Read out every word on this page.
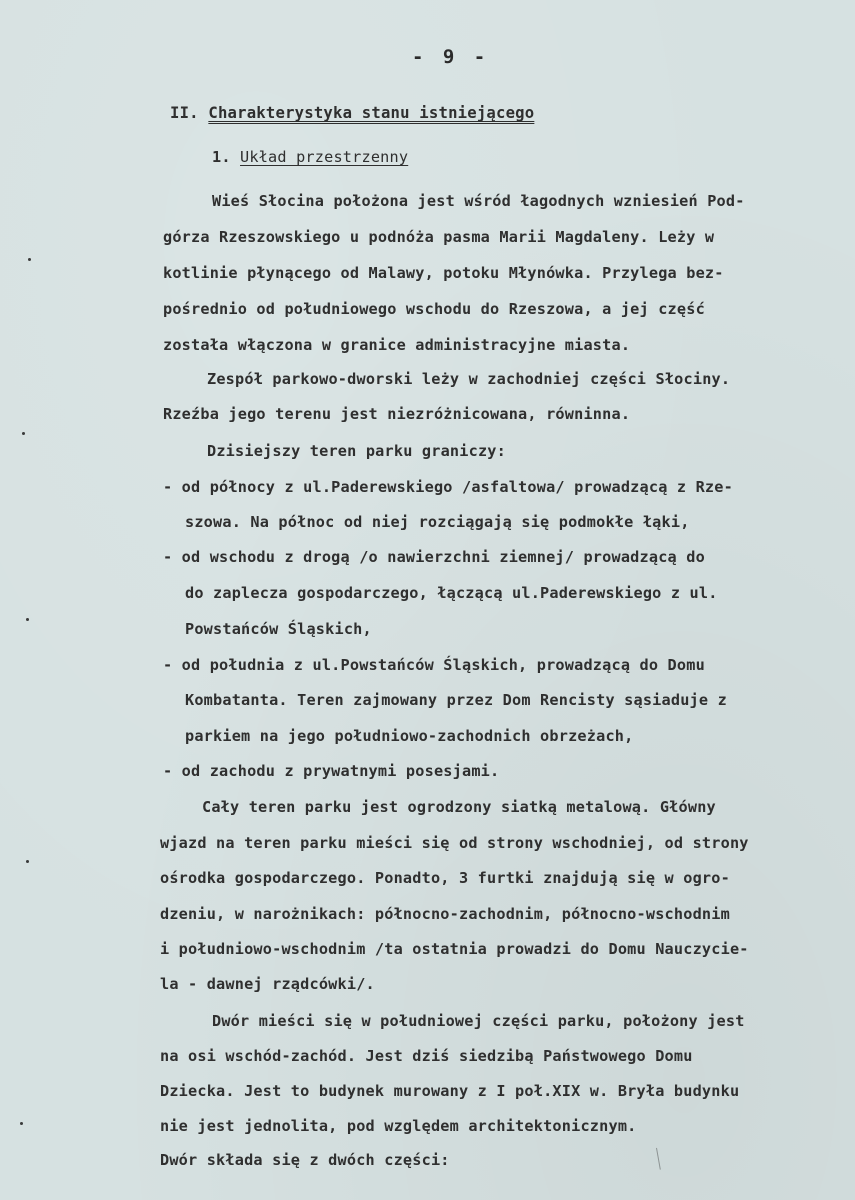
- 9 -
II. Charakterystyka stanu istniejącego
1. Układ przestrzenny
Wieś Słocina położona jest wśród łagodnych wzniesień Pod-
górza Rzeszowskiego u podnóża pasma Marii Magdaleny. Leży w
kotlinie płynącego od Malawy, potoku Młynówka. Przylega bez-
pośrednio od południowego wschodu do Rzeszowa, a jej część
została włączona w granice administracyjne miasta.
Zespół parkowo-dworski leży w zachodniej części Słociny.
Rzeźba jego terenu jest niezróżnicowana, równinna.
Dzisiejszy teren parku graniczy:
- od północy z ul.Paderewskiego /asfaltowa/ prowadzącą z Rze-
szowa. Na północ od niej rozciągają się podmokłe łąki,
- od wschodu z drogą /o nawierzchni ziemnej/ prowadzącą do
do zaplecza gospodarczego, łączącą ul.Paderewskiego z ul.
Powstańców Śląskich,
- od południa z ul.Powstańców Śląskich, prowadzącą do Domu
Kombatanta. Teren zajmowany przez Dom Rencisty sąsiaduje z
parkiem na jego południowo-zachodnich obrzeżach,
- od zachodu z prywatnymi posesjami.
Cały teren parku jest ogrodzony siatką metalową. Główny
wjazd na teren parku mieści się od strony wschodniej, od strony
ośrodka gospodarczego. Ponadto, 3 furtki znajdują się w ogro-
dzeniu, w narożnikach: północno-zachodnim, północno-wschodnim
i południowo-wschodnim /ta ostatnia prowadzi do Domu Nauczycie-
la - dawnej rządcówki/.
Dwór mieści się w południowej części parku, położony jest
na osi wschód-zachód. Jest dziś siedzibą Państwowego Domu
Dziecka. Jest to budynek murowany z I poł.XIX w. Bryła budynku
nie jest jednolita, pod względem architektonicznym.
Dwór składa się z dwóch części:
